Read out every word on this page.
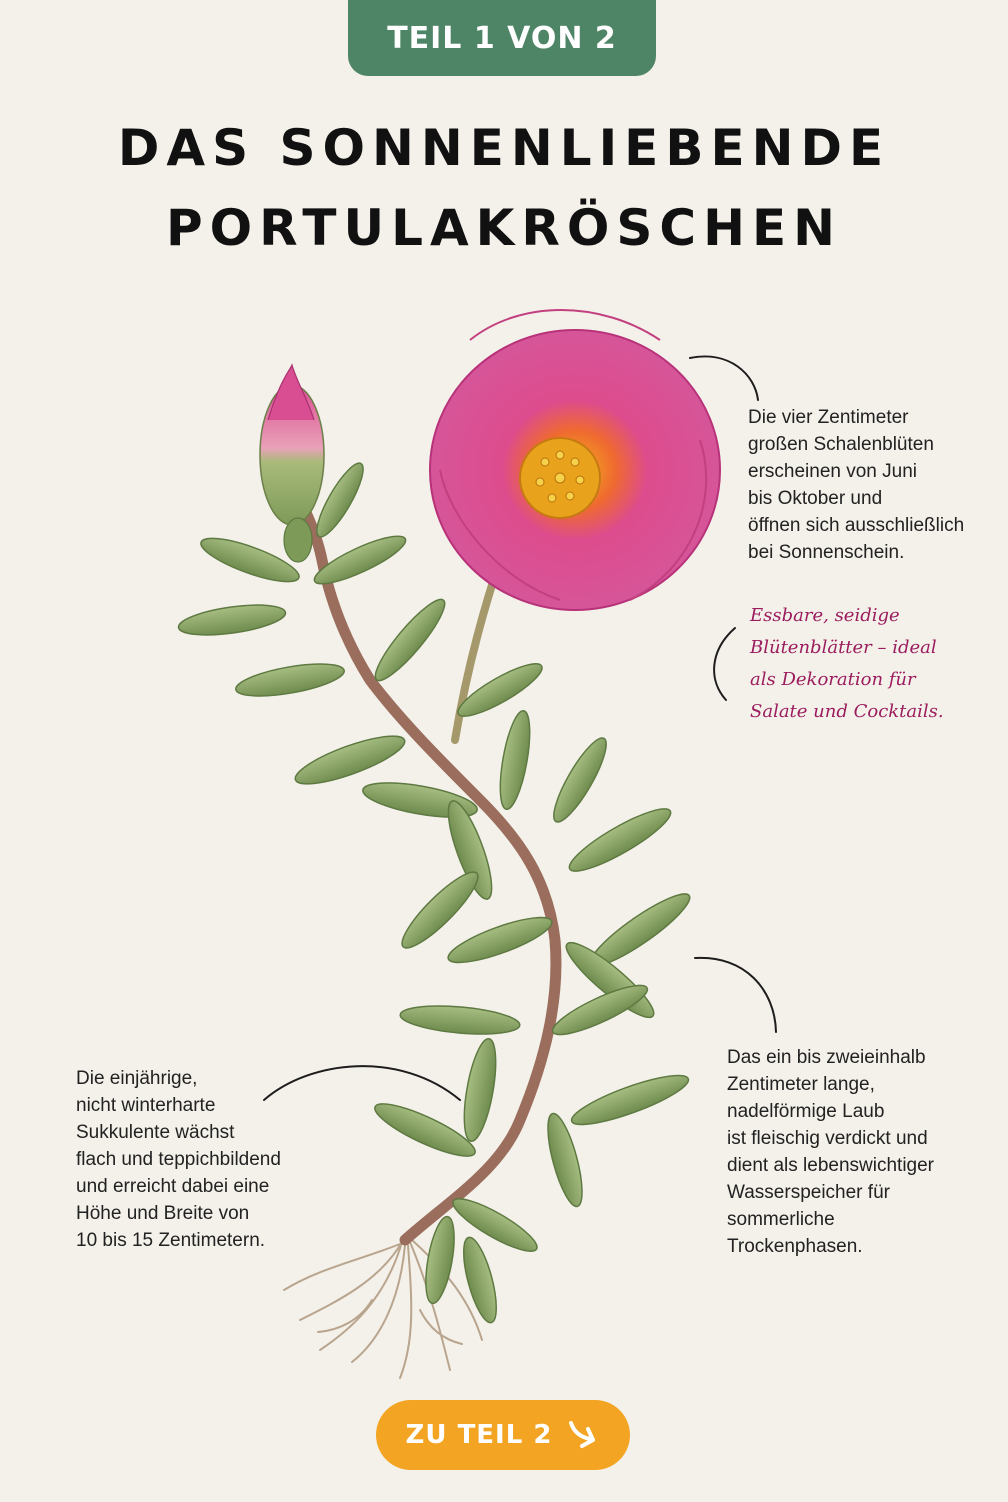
TEIL 1 VON 2
DAS SONNENLIEBENDE
PORTULAKRÖSCHEN
Die vier Zentimeter
großen Schalenblüten
erscheinen von Juni
bis Oktober und
öffnen sich ausschließlich
bei Sonnenschein.
Essbare, seidige
Blütenblätter – ideal
als Dekoration für
Salate und Cocktails.
Das ein bis zweieinhalb
Zentimeter lange,
nadelförmige Laub
ist fleischig verdickt und
dient als lebenswichtiger
Wasserspeicher für
sommerliche
Trockenphasen.
Die einjährige,
nicht winterharte
Sukkulente wächst
flach und teppichbildend
und erreicht dabei eine
Höhe und Breite von
10 bis 15 Zentimetern.
ZU TEIL 2
